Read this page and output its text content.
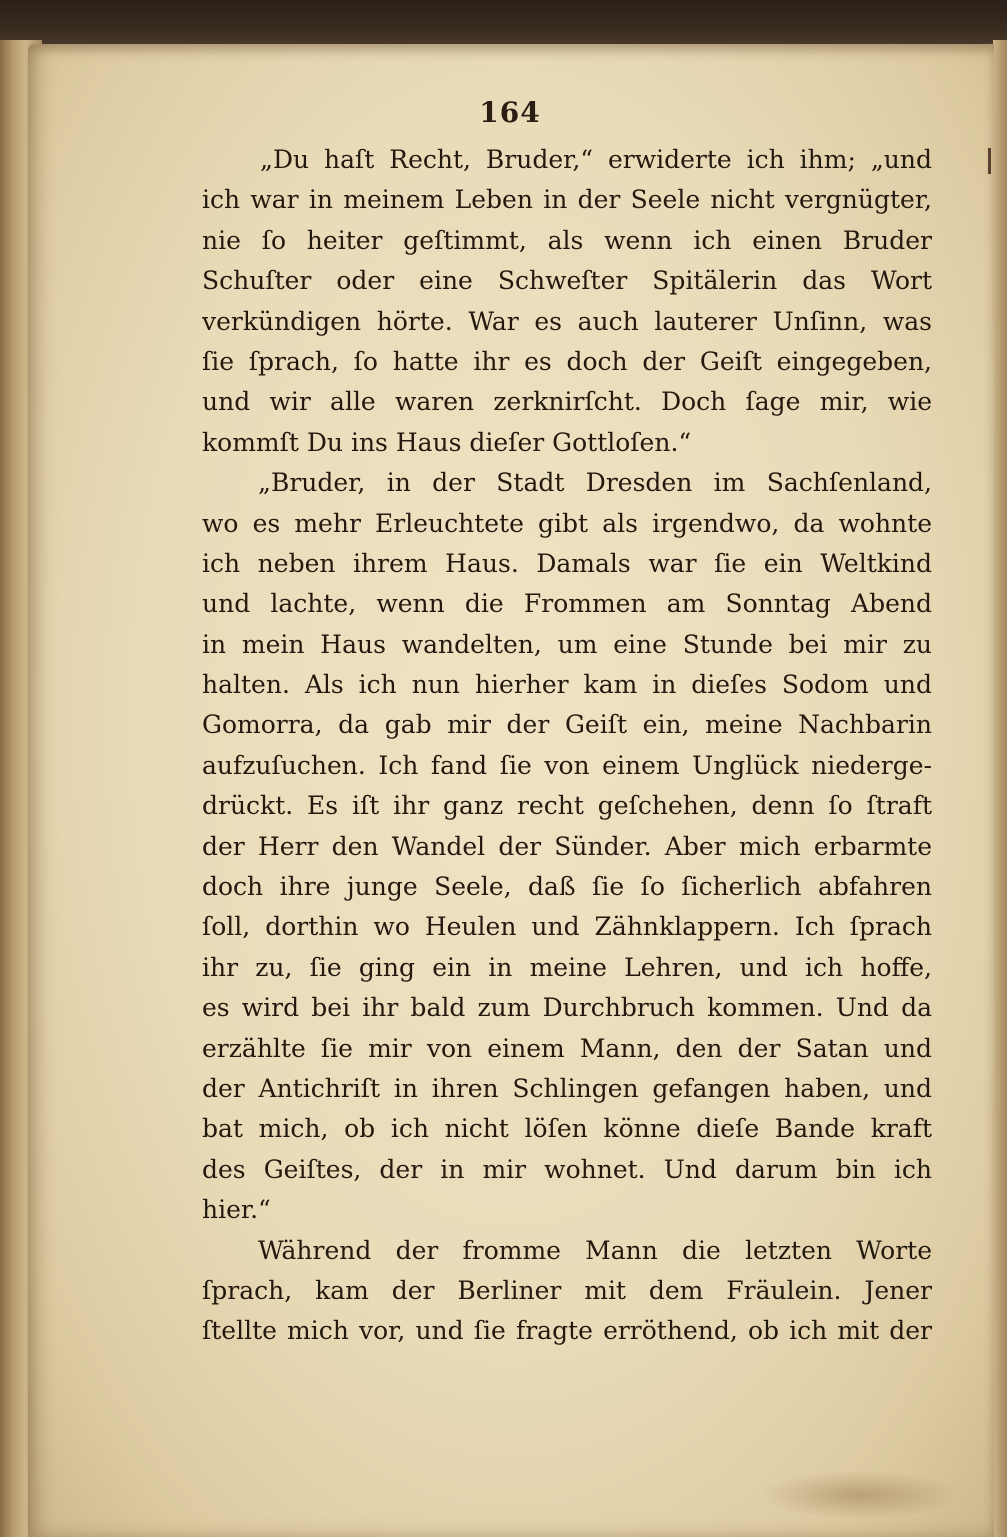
164
„Du haſt Recht, Bruder,“ erwiderte ich ihm; „und
ich war in meinem Leben in der Seele nicht vergnügter,
nie ſo heiter geſtimmt, als wenn ich einen Bruder
Schuſter oder eine Schweſter Spitälerin das Wort
verkündigen hörte. War es auch lauterer Unſinn, was
ſie ſprach, ſo hatte ihr es doch der Geiſt eingegeben,
und wir alle waren zerknirſcht. Doch ſage mir, wie
kommſt Du ins Haus dieſer Gottloſen.“
„Bruder, in der Stadt Dresden im Sachſenland,
wo es mehr Erleuchtete gibt als irgendwo, da wohnte
ich neben ihrem Haus. Damals war ſie ein Weltkind
und lachte, wenn die Frommen am Sonntag Abend
in mein Haus wandelten, um eine Stunde bei mir zu
halten. Als ich nun hierher kam in dieſes Sodom und
Gomorra, da gab mir der Geiſt ein, meine Nachbarin
aufzuſuchen. Ich fand ſie von einem Unglück niederge-
drückt. Es iſt ihr ganz recht geſchehen, denn ſo ſtraft
der Herr den Wandel der Sünder. Aber mich erbarmte
doch ihre junge Seele, daß ſie ſo ſicherlich abfahren
ſoll, dorthin wo Heulen und Zähnklappern. Ich ſprach
ihr zu, ſie ging ein in meine Lehren, und ich hoffe,
es wird bei ihr bald zum Durchbruch kommen. Und da
erzählte ſie mir von einem Mann, den der Satan und
der Antichriſt in ihren Schlingen gefangen haben, und
bat mich, ob ich nicht löſen könne dieſe Bande kraft
des Geiſtes, der in mir wohnet. Und darum bin ich
hier.“
Während der fromme Mann die letzten Worte
ſprach, kam der Berliner mit dem Fräulein. Jener
ſtellte mich vor, und ſie fragte erröthend, ob ich mit der
